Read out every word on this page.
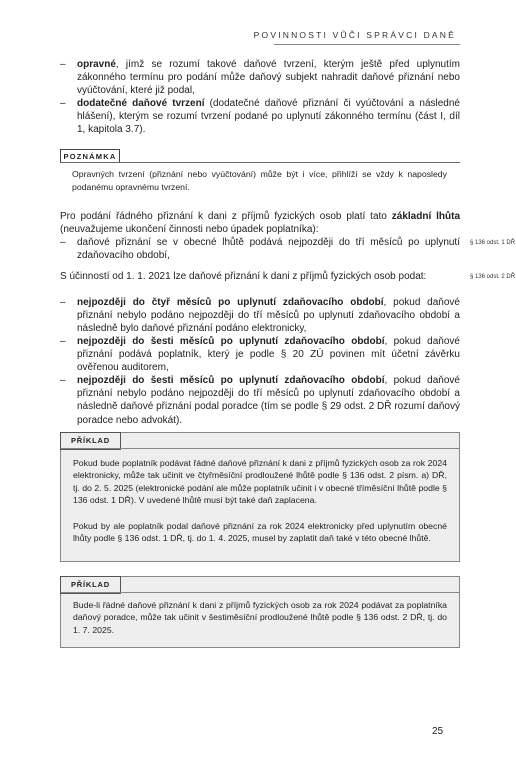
POVINNOSTI VŮČI SPRÁVCI DANĚ
– opravné, jímž se rozumí takové daňové tvrzení, kterým ještě před uplynutím zákonného termínu pro podání může daňový subjekt nahradit daňové přiznání nebo vyúčtování, které již podal,
– dodatečné daňové tvrzení (dodatečné daňové přiznání či vyúčtování a následné hlášení), kterým se rozumí tvrzení podané po uplynutí zákonného termínu (část I, díl 1, kapitola 3.7).
POZNÁMKA
Opravných tvrzení (přiznání nebo vyúčtování) může být i více, přihlíží se vždy k naposledy podanému opravnému tvrzení.
Pro podání řádného přiznání k dani z příjmů fyzických osob platí tato základní lhůta (neuvažujeme ukončení činnosti nebo úpadek poplatníka):
– daňové přiznání se v obecné lhůtě podává nejpozději do tří měsíců po uplynutí zdaňovacího období,
§ 136 odst. 1 DŘ
S účinností od 1. 1. 2021 lze daňové přiznání k dani z příjmů fyzických osob podat:	§ 136 odst. 2 DŘ
– nejpozději do čtyř měsíců po uplynutí zdaňovacího období, pokud daňové přiznání nebylo podáno nejpozději do tří měsíců po uplynutí zdaňovacího období a následně bylo daňové přiznání podáno elektronicky,
– nejpozději do šesti měsíců po uplynutí zdaňovacího období, pokud daňové přiznání podává poplatník, který je podle § 20 ZÚ povinen mít účetní závěrku ověřenou auditorem,
– nejpozději do šesti měsíců po uplynutí zdaňovacího období, pokud daňové přiznání nebylo podáno nejpozději do tří měsíců po uplynutí zdaňovacího období a následně daňové přiznání podal poradce (tím se podle § 29 odst. 2 DŘ rozumí daňový poradce nebo advokát).
PŘÍKLAD
Pokud bude poplatník podávat řádné daňové přiznání k dani z příjmů fyzických osob za rok 2024 elektronicky, může tak učinit ve čtyřměsíční prodloužené lhůtě podle § 136 odst. 2 písm. a) DŘ, tj. do 2. 5. 2025 (elektronické podání ale může poplatník učinit i v obecné tříměsíční lhůtě podle § 136 odst. 1 DŘ). V uvedené lhůtě musí být také daň zaplacena.
Pokud by ale poplatník podal daňové přiznání za rok 2024 elektronicky před uplynutím obecné lhůty podle § 136 odst. 1 DŘ, tj. do 1. 4. 2025, musel by zaplatit daň také v této obecné lhůtě.
PŘÍKLAD
Bude-li řádné daňové přiznání k dani z příjmů fyzických osob za rok 2024 podávat za poplatníka daňový poradce, může tak učinit v šestiměsíční prodloužené lhůtě podle § 136 odst. 2 DŘ, tj. do 1. 7. 2025.
25
